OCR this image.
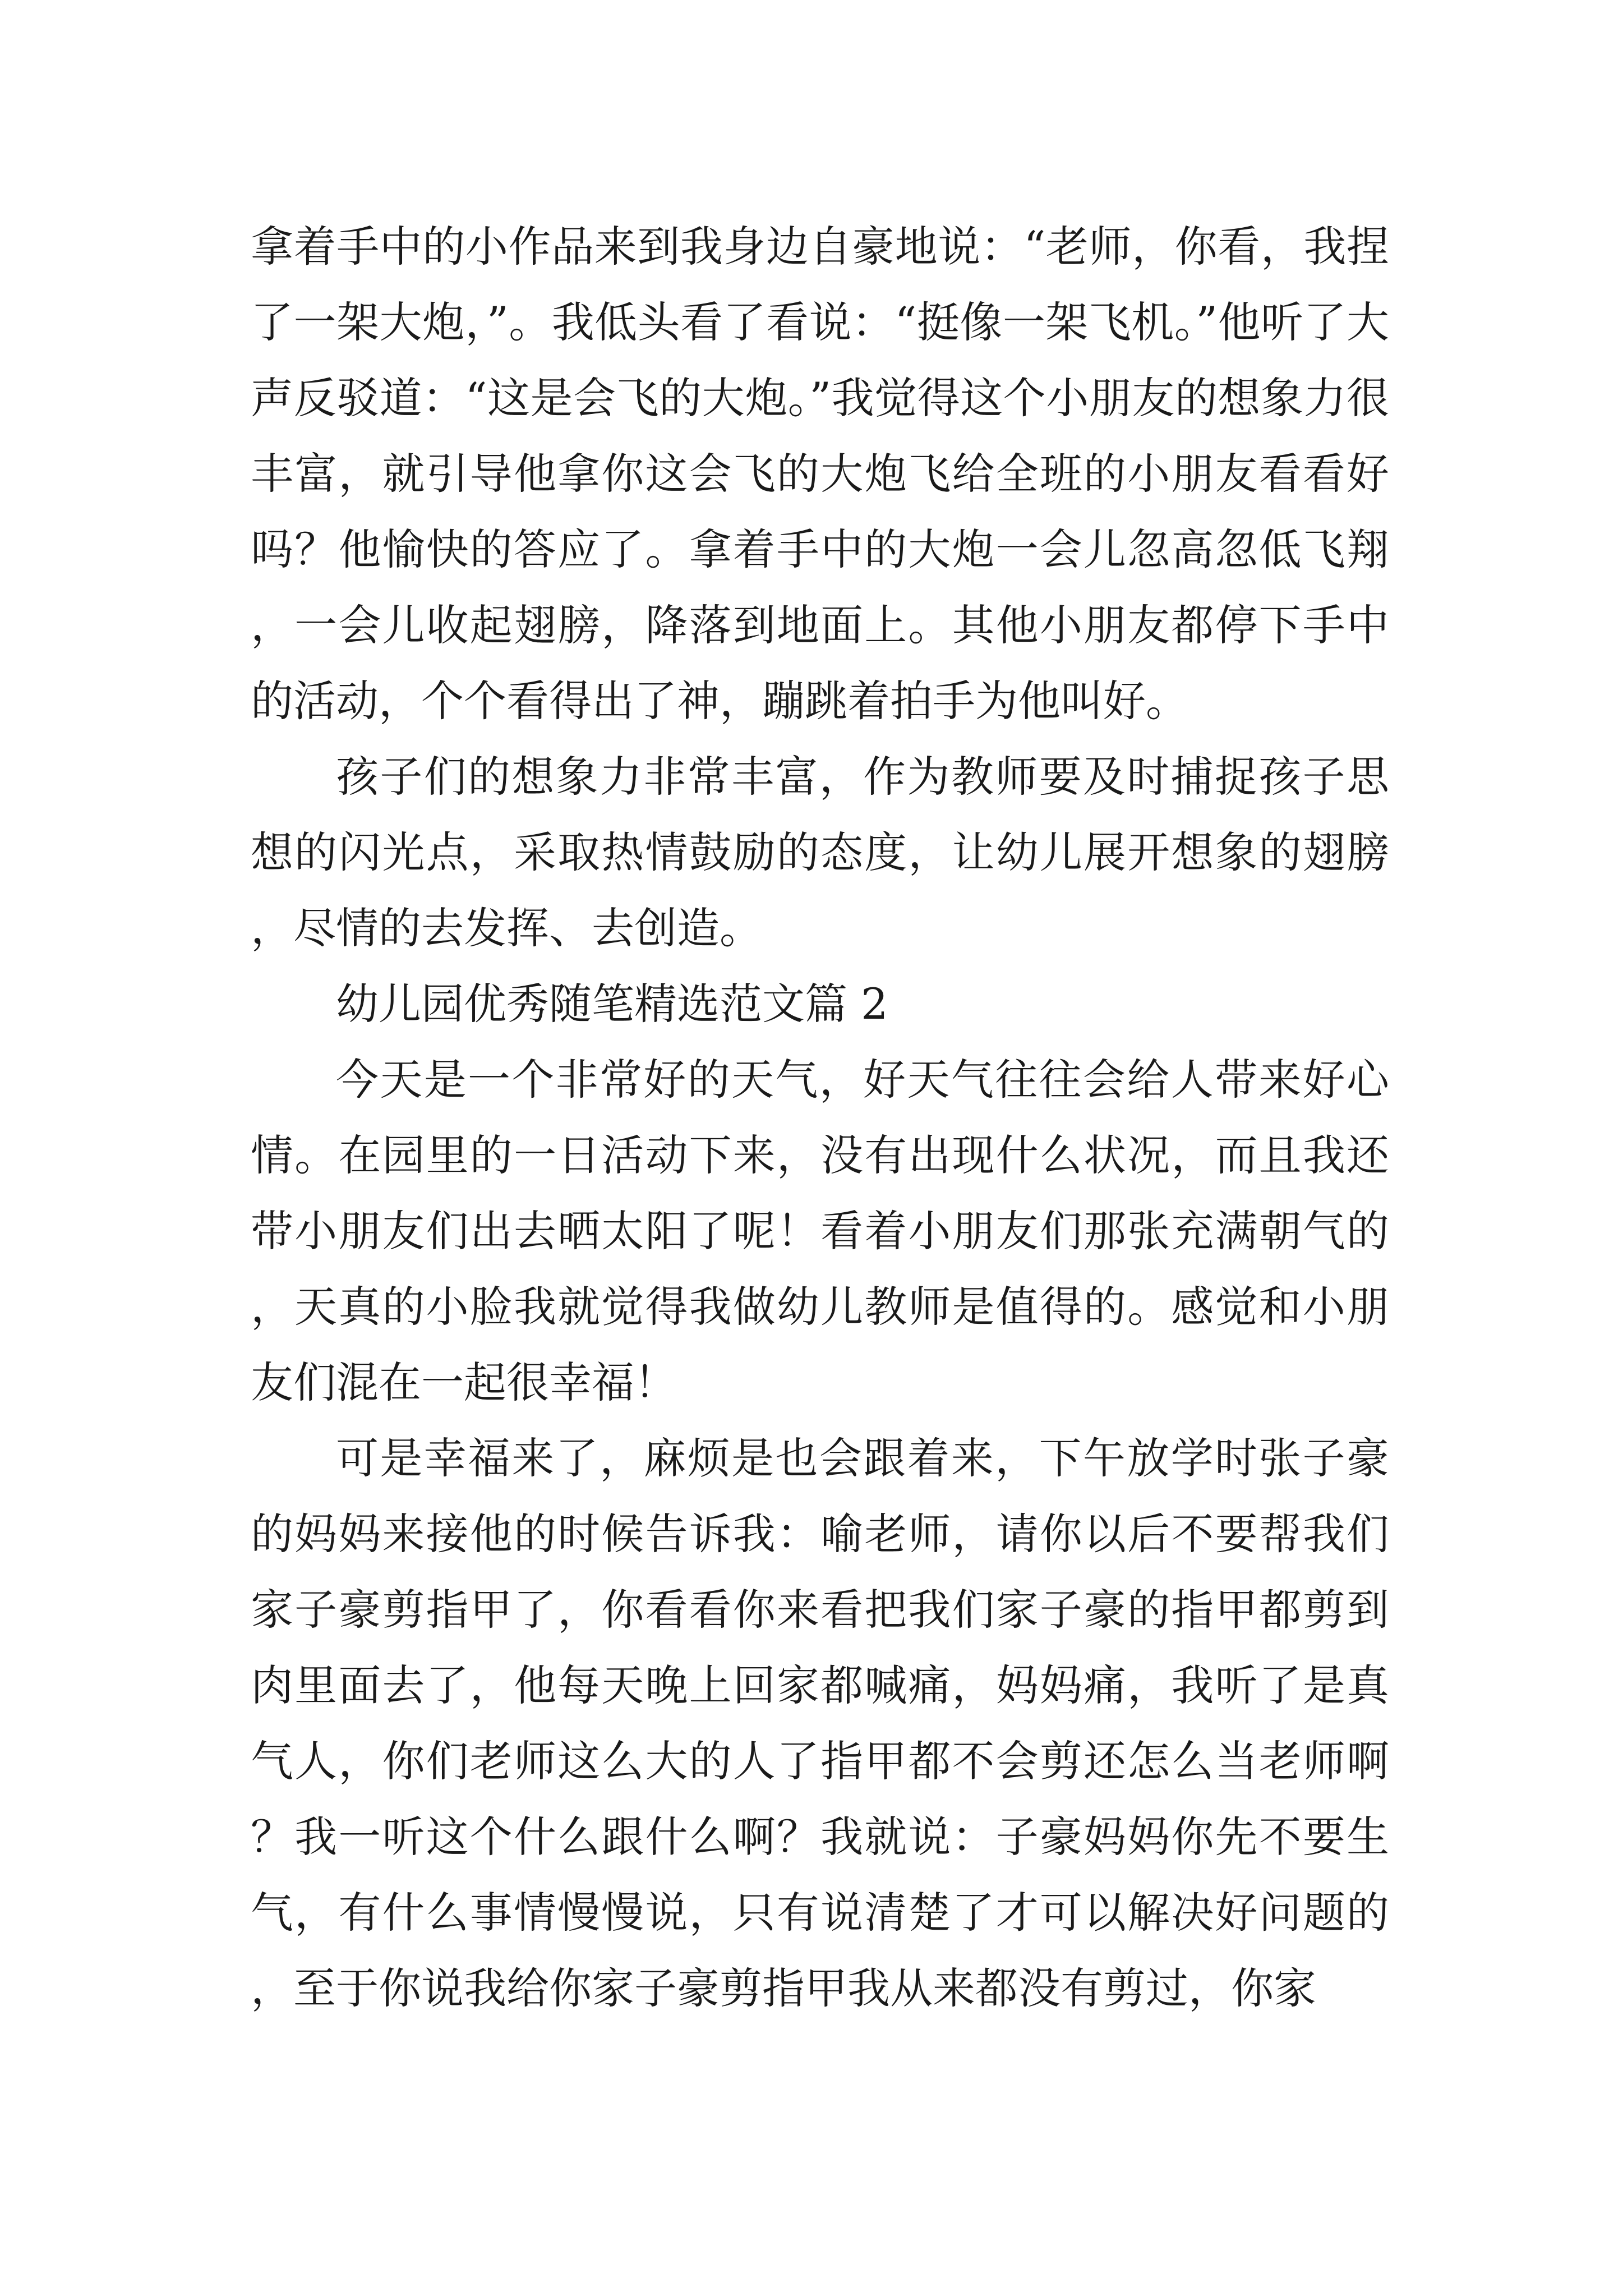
拿着手中的小作品来到我身边自豪地说：“老师，你看，我捏了一架大炮，”。我低头看了看说：“挺像一架飞机。”他听了大声反驳道：“这是会飞的大炮。”我觉得这个小朋友的想象力很丰富，就引导他拿你这会飞的大炮飞给全班的小朋友看看好吗？他愉快的答应了。拿着手中的大炮一会儿忽高忽低飞翔，一会儿收起翅膀，降落到地面上。其他小朋友都停下手中的活动，个个看得出了神，蹦跳着拍手为他叫好。

孩子们的想象力非常丰富，作为教师要及时捕捉孩子思想的闪光点，采取热情鼓励的态度，让幼儿展开想象的翅膀，尽情的去发挥、去创造。

幼儿园优秀随笔精选范文篇 2

今天是一个非常好的天气，好天气往往会给人带来好心情。在园里的一日活动下来，没有出现什么状况，而且我还带小朋友们出去晒太阳了呢！看着小朋友们那张充满朝气的，天真的小脸我就觉得我做幼儿教师是值得的。感觉和小朋友们混在一起很幸福！

可是幸福来了，麻烦是也会跟着来，下午放学时张子豪的妈妈来接他的时候告诉我：喻老师，请你以后不要帮我们家子豪剪指甲了，你看看你来看把我们家子豪的指甲都剪到肉里面去了，他每天晚上回家都喊痛，妈妈痛，我听了是真气人，你们老师这么大的人了指甲都不会剪还怎么当老师啊？我一听这个什么跟什么啊？我就说：子豪妈妈你先不要生气，有什么事情慢慢说，只有说清楚了才可以解决好问题的，至于你说我给你家子豪剪指甲我从来都没有剪过，你家
